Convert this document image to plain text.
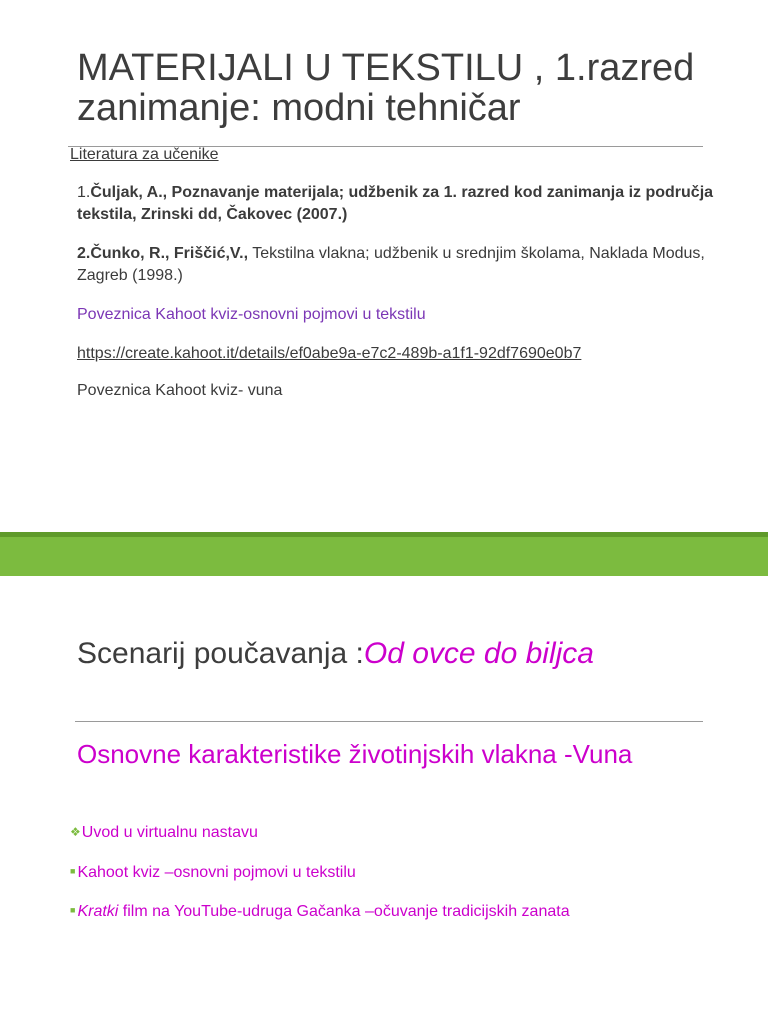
MATERIJALI U TEKSTILU , 1.razred
zanimanje: modni tehničar
Literatura za učenike
1.Čuljak, A., Poznavanje materijala; udžbenik za 1. razred kod zanimanja iz područja tekstila, Zrinski dd, Čakovec (2007.)
2.Čunko, R., Friščić,V., Tekstilna vlakna; udžbenik u srednjim školama, Naklada Modus, Zagreb (1998.)
Poveznica Kahoot kviz-osnovni pojmovi u tekstilu
https://create.kahoot.it/details/ef0abe9a-e7c2-489b-a1f1-92df7690e0b7
Poveznica Kahoot kviz- vuna
Scenarij poučavanja :Od ovce do biljca
Osnovne karakteristike životinjskih vlakna -Vuna
❖Uvod u virtualnu nastavu
■ Kahoot kviz –osnovni pojmovi u tekstilu
■ Kratki film na YouTube-udruga Gačanka –očuvanje tradicijskih zanata
